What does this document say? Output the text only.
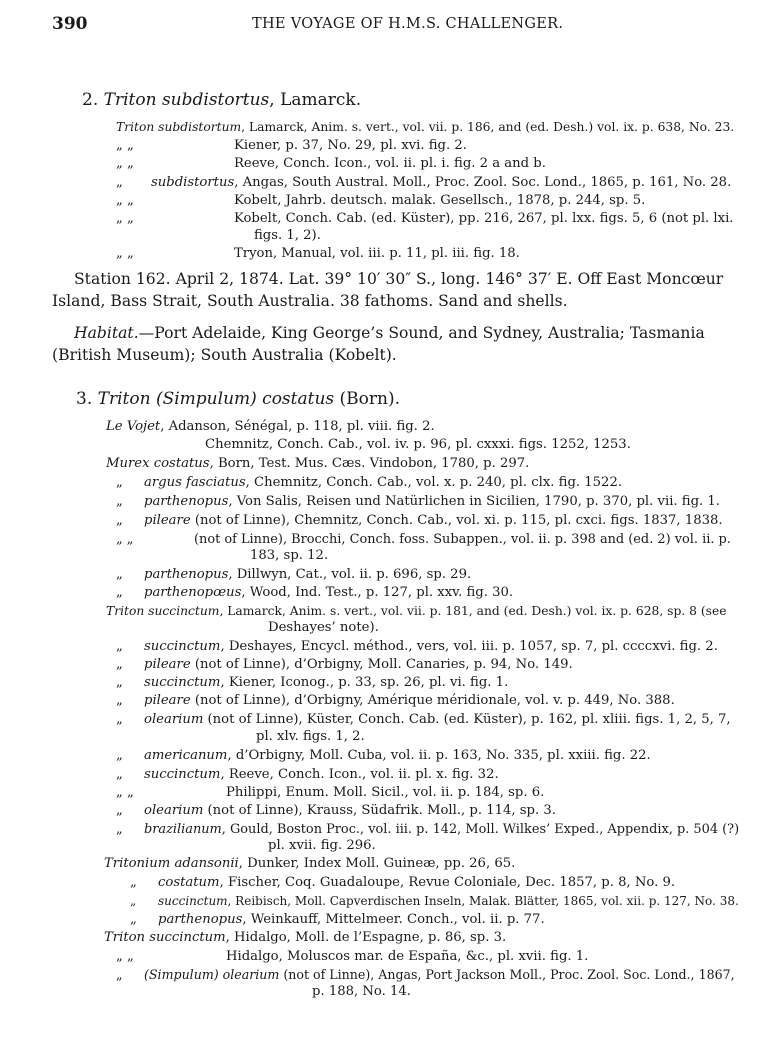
390	THE VOYAGE OF H.M.S. CHALLENGER.
2. Triton subdistortus, Lamarck.
Triton subdistortum, Lamarck, Anim. s. vert., vol. vii. p. 186, and (ed. Desh.) vol. ix. p. 638, No. 23.
„ „	Kiener, p. 37, No. 29, pl. xvi. fig. 2.
„ „	Reeve, Conch. Icon., vol. ii. pl. i. fig. 2 a and b.
„ subdistortus, Angas, South Austral. Moll., Proc. Zool. Soc. Lond., 1865, p. 161, No. 28.
„ „	Kobelt, Jahrb. deutsch. malak. Gesellsch., 1878, p. 244, sp. 5.
„ „	Kobelt, Conch. Cab. (ed. Küster), pp. 216, 267, pl. lxx. figs. 5, 6 (not pl. lxi.
figs. 1, 2).
„ „	Tryon, Manual, vol. iii. p. 11, pl. iii. fig. 18.
Station 162. April 2, 1874. Lat. 39° 10′ 30″ S., long. 146° 37′ E. Off East Moncœur
Island, Bass Strait, South Australia. 38 fathoms. Sand and shells.
Habitat.—Port Adelaide, King George’s Sound, and Sydney, Australia; Tasmania
(British Museum); South Australia (Kobelt).
3. Triton (Simpulum) costatus (Born).
Le Vojet, Adanson, Sénégal, p. 118, pl. viii. fig. 2.
Chemnitz, Conch. Cab., vol. iv. p. 96, pl. cxxxi. figs. 1252, 1253.
Murex costatus, Born, Test. Mus. Cæs. Vindobon, 1780, p. 297.
„ argus fasciatus, Chemnitz, Conch. Cab., vol. x. p. 240, pl. clx. fig. 1522.
„ parthenopus, Von Salis, Reisen und Natürlichen in Sicilien, 1790, p. 370, pl. vii. fig. 1.
„ pileare (not of Linne), Chemnitz, Conch. Cab., vol. xi. p. 115, pl. cxci. figs. 1837, 1838.
„ „	(not of Linne), Brocchi, Conch. foss. Subappen., vol. ii. p. 398 and (ed. 2) vol. ii. p.
183, sp. 12.
„ parthenopus, Dillwyn, Cat., vol. ii. p. 696, sp. 29.
„ parthenopœus, Wood, Ind. Test., p. 127, pl. xxv. fig. 30.
Triton succinctum, Lamarck, Anim. s. vert., vol. vii. p. 181, and (ed. Desh.) vol. ix. p. 628, sp. 8 (see
Deshayes’ note).
„ succinctum, Deshayes, Encycl. méthod., vers, vol. iii. p. 1057, sp. 7, pl. ccccxvi. fig. 2.
„ pileare (not of Linne), d’Orbigny, Moll. Canaries, p. 94, No. 149.
„ succinctum, Kiener, Iconog., p. 33, sp. 26, pl. vi. fig. 1.
„ pileare (not of Linne), d’Orbigny, Amérique méridionale, vol. v. p. 449, No. 388.
„ olearium (not of Linne), Küster, Conch. Cab. (ed. Küster), p. 162, pl. xliii. figs. 1, 2, 5, 7,
pl. xlv. figs. 1, 2.
„ americanum, d’Orbigny, Moll. Cuba, vol. ii. p. 163, No. 335, pl. xxiii. fig. 22.
„ succinctum, Reeve, Conch. Icon., vol. ii. pl. x. fig. 32.
„ „	Philippi, Enum. Moll. Sicil., vol. ii. p. 184, sp. 6.
„ olearium (not of Linne), Krauss, Südafrik. Moll., p. 114, sp. 3.
„ brazilianum, Gould, Boston Proc., vol. iii. p. 142, Moll. Wilkes’ Exped., Appendix, p. 504 (?)
pl. xvii. fig. 296.
Tritonium adansonii, Dunker, Index Moll. Guineæ, pp. 26, 65.
„ costatum, Fischer, Coq. Guadaloupe, Revue Coloniale, Dec. 1857, p. 8, No. 9.
„ succinctum, Reibisch, Moll. Capverdischen Inseln, Malak. Blätter, 1865, vol. xii. p. 127, No. 38.
„ parthenopus, Weinkauff, Mittelmeer. Conch., vol. ii. p. 77.
Triton succinctum, Hidalgo, Moll. de l’Espagne, p. 86, sp. 3.
„ „	Hidalgo, Moluscos mar. de España, &c., pl. xvii. fig. 1.
„ (Simpulum) olearium (not of Linne), Angas, Port Jackson Moll., Proc. Zool. Soc. Lond., 1867,
p. 188, No. 14.
